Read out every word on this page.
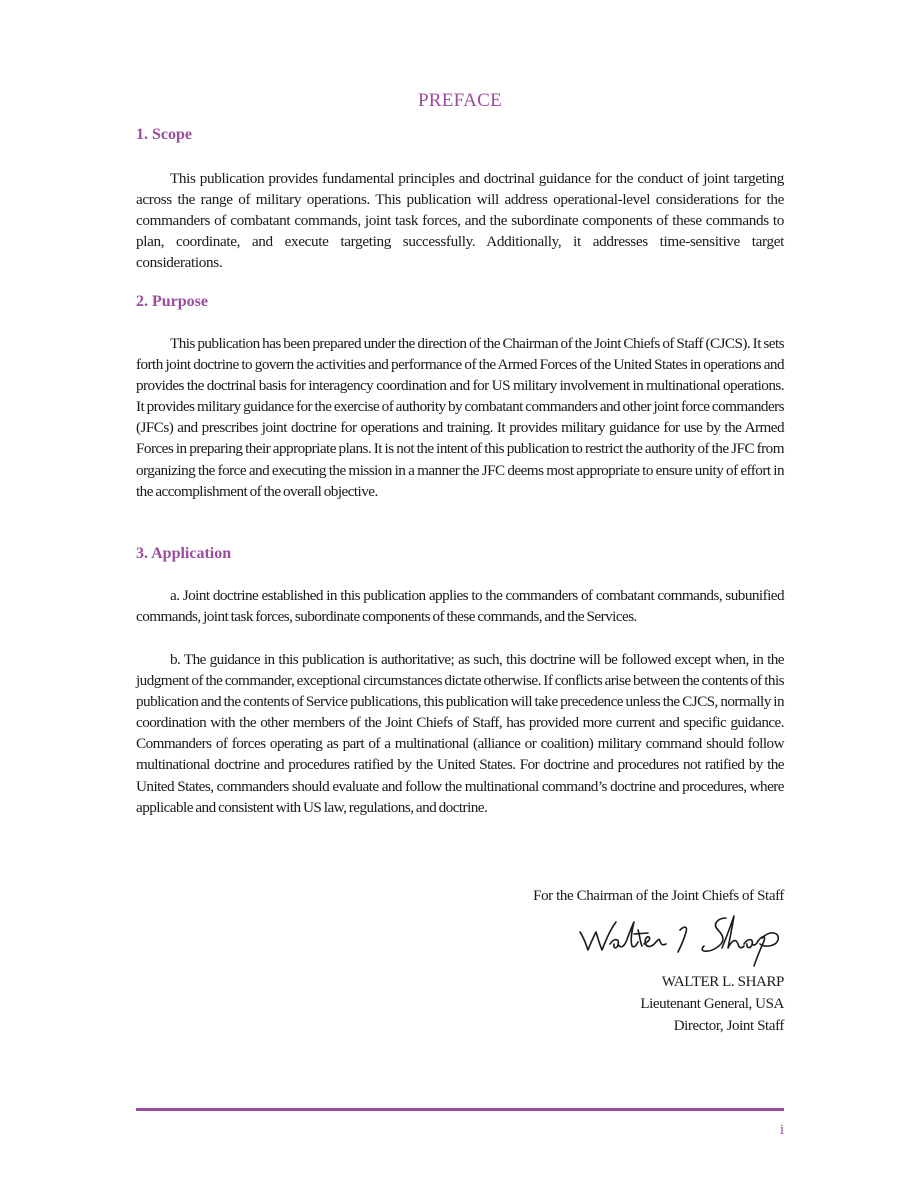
PREFACE
1. Scope

This publication provides fundamental principles and doctrinal guidance for the conduct of joint targeting across the range of military operations. This publication will address operational-level considerations for the commanders of combatant commands, joint task forces, and the subordinate components of these commands to plan, coordinate, and execute targeting successfully. Additionally, it addresses time-sensitive target considerations.

2. Purpose

This publication has been prepared under the direction of the Chairman of the Joint Chiefs of Staff (CJCS). It sets forth joint doctrine to govern the activities and performance of the Armed Forces of the United States in operations and provides the doctrinal basis for interagency coordination and for US military involvement in multinational operations. It provides military guidance for the exercise of authority by combatant commanders and other joint force commanders (JFCs) and prescribes joint doctrine for operations and training. It provides military guidance for use by the Armed Forces in preparing their appropriate plans. It is not the intent of this publication to restrict the authority of the JFC from organizing the force and executing the mission in a manner the JFC deems most appropriate to ensure unity of effort in the accomplishment of the overall objective.

3. Application

a. Joint doctrine established in this publication applies to the commanders of combatant commands, subunified commands, joint task forces, subordinate components of these commands, and the Services.

b. The guidance in this publication is authoritative; as such, this doctrine will be followed except when, in the judgment of the commander, exceptional circumstances dictate otherwise. If conflicts arise between the contents of this publication and the contents of Service publications, this publication will take precedence unless the CJCS, normally in coordination with the other members of the Joint Chiefs of Staff, has provided more current and specific guidance. Commanders of forces operating as part of a multinational (alliance or coalition) military command should follow multinational doctrine and procedures ratified by the United States. For doctrine and procedures not ratified by the United States, commanders should evaluate and follow the multinational command’s doctrine and procedures, where applicable and consistent with US law, regulations, and doctrine.

For the Chairman of the Joint Chiefs of Staff
WALTER L. SHARP
Lieutenant General, USA
Director, Joint Staff

i
